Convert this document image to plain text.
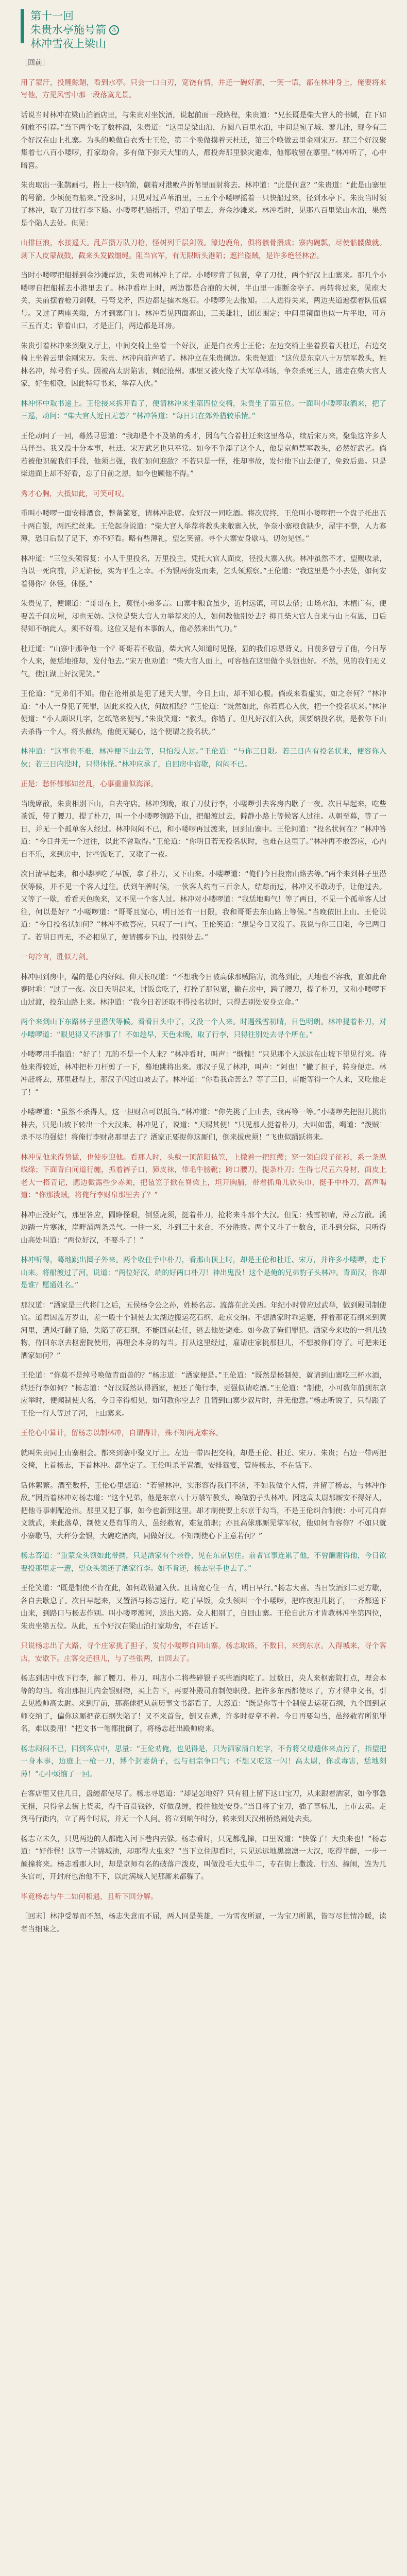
第十一回
朱贵水亭施号箭	⚓
林冲雪夜上梁山

［回前］

用了蒙汗，投鲤鲸鲳，看到水亭。只会一口白刃，宽饶有情，并还一碗好酒，一笑一语，都在林冲身上，俺要将来写他，方见风雪中那一段落寞光景。

话说当时林冲在梁山泊酒店里，与朱贵对坐饮酒，说起前面一段路程，朱贵道：“兄长既是柴大官人的书缄，在下如何敢不引荐。”当下两个吃了数杯酒，朱贵道：“这里是梁山泊，方圆八百里水泊，中间是宛子城、蓼儿洼，现今有三个好汉在山上扎寨。为头的唤做白衣秀士王伦，第二个唤做摸着天杜迁，第三个唤做云里金刚宋万。那三个好汉聚集着七八百小喽啰，打家劫舍。多有做下弥天大罪的人，都投奔那里躲灾避难，他都收留在寨里。”林冲听了，心中暗喜。

朱贵取出一张鹊画弓，搭上一枝响箭，觑着对港败芦折苇里面射将去。林冲道：“此是何意？”朱贵道：“此是山寨里的号箭。少顷便有船来。”没多时，只见对过芦苇泊里，三五个小喽啰摇着一只快船过来，径到水亭下。朱贵当时领了林冲，取了刀仗行李下船。小喽啰把船摇开，望泊子里去，奔金沙滩来。林冲看时，见那八百里梁山水泊，果然是个陷人去处。但见：

山排巨浪，水接遥天。乱芦攒万队刀枪，怪树列千层剑戟。濠边鹿角，俱将骸骨攒成；寨内碗瓢，尽使骷髅做就。剥下人皮蒙战鼓，截来头发做缰绳。阻当官军，有无限断头港陌；遮拦盗贼，是许多绝径林峦。

当时小喽啰把船摇到金沙滩岸边，朱贵同林冲上了岸。小喽啰背了包裹，拿了刀仗，两个好汉上山寨来。那几个小喽啰自把船摇去小港里去了。林冲看岸上时，两边都是合抱的大树，半山里一座断金亭子。再转将过来，见座大关，关前摆着枪刀剑戟，弓弩戈矛，四边都是擂木炮石。小喽啰先去报知。二人进得关来，两边夹道遍摆着队伍旗号。又过了两座关隘，方才到寨门口。林冲看见四面高山，三关雄壮，团团围定；中间里镜面也似一片平地，可方三五百丈；靠着山口，才是正门，两边都是耳房。

朱贵引着林冲来到聚义厅上，中间交椅上坐着一个好汉，正是白衣秀士王伦；左边交椅上坐着摸着天杜迁，右边交椅上坐着云里金刚宋万。朱贵、林冲向前声喏了。林冲立在朱贵侧边。朱贵便道：“这位是东京八十万禁军教头，姓林名冲，绰号豹子头。因被高太尉陷害，刺配沧州。那里又被火烧了大军草料场，争奈杀死三人，逃走在柴大官人家，好生相敬，因此特写书来，举荐入伙。”

林冲怀中取书递上。王伦接来拆开看了，便请林冲来坐第四位交椅，朱贵坐了第五位。一面叫小喽啰取酒来，把了三巡，动问：“柴大官人近日无恙？”林冲答道：“每日只在郊外猎较乐情。”

王伦动问了一回，蓦然寻思道：“我却是个不及第的秀才，因鸟气合着杜迁来这里落草，续后宋万来，聚集这许多人马伴当。我又没十分本事，杜迁、宋万武艺也只平常。如今不争添了这个人，他是京师禁军教头，必然好武艺。倘若被他识破我们手段，他须占强，我们如何迎敌？不若只是一怪，推却事故，发付他下山去便了，免致后患。只是柴进面上却不好看，忘了日前之恩，如今也顾他不得。”

秀才心胸，大抵如此，可笑可叹。

重叫小喽啰一面安排酒食，整备筵宴，请林冲赴席。众好汉一同吃酒。将次席终，王伦叫小喽啰把一个盘子托出五十两白银，两匹纻丝来。王伦起身说道：“柴大官人举荐将教头来敝寨入伙，争奈小寨粮食缺少，屋宇不整，人力寡薄，恐日后误了足下，亦不好看。略有些薄礼，望乞笑留。寻个大寨安身歇马，切勿见怪。”

林冲道：“三位头领容复：小人千里投名，万里投主，凭托大官人面皮，径投大寨入伙。林冲虽然不才，望赐收录，当以一死向前，并无谄佞，实为平生之幸。不为银两赍发而来，乞头领照察。”王伦道：“我这里是个小去处，如何安着得你？休怪，休怪。”

朱贵见了，便谏道：“哥哥在上，莫怪小弟多言。山寨中粮食虽少，近村远镇，可以去借；山场水泊，木植广有，便要盖千间房屋，却也无妨。这位是柴大官人力举荐来的人，如何教他别处去？抑且柴大官人自来与山上有恩，日后得知不纳此人，须不好看。这位又是有本事的人，他必然来出气力。”

杜迁道：“山寨中那争他一个？哥哥若不收留，柴大官人知道时见怪，显的我们忘恩背义。日前多曾亏了他，今日荐个人来，便恁地推却，发付他去。”宋万也劝道：“柴大官人面上，可容他在这里做个头领也好。不然，见的我们无义气，使江湖上好汉见笑。”

王伦道：“兄弟们不知。他在沧州虽是犯了迷天大罪，今日上山，却不知心腹。倘或来看虚实，如之奈何？”林冲道：“小人一身犯了死罪，因此来投入伙，何故相疑？”王伦道：“既然如此，你若真心入伙，把一个投名状来。”林冲便道：“小人颇识几字，乞纸笔来便写。”朱贵笑道：“教头，你错了。但凡好汉们入伙，须要纳投名状，是教你下山去杀得一个人，将头献纳，他便无疑心，这个便谓之投名状。”

林冲道：“这事也不难，林冲便下山去等，只怕没人过。”王伦道：“与你三日限。若三日内有投名状来，便容你入伙；若三日内没时，只得休怪。”林冲应承了，自回房中宿歇，闷闷不已。

正是：愁怀郁郁如丝乱，心事重重似海深。

当晚席散，朱贵相别下山，自去守店。林冲到晚，取了刀仗行李，小喽啰引去客房内歇了一夜。次日早起来，吃些茶饭，带了腰刀，提了朴刀，叫一个小喽啰领路下山，把船渡过去，僻静小路上等候客人过往。从朝至暮，等了一日，并无一个孤单客人经过。林冲闷闷不已，和小喽啰再过渡来，回到山寨中。王伦问道：“投名状何在？”林冲答道：“今日并无一个过往，以此不曾取得。”王伦道：“你明日若无投名状时，也难在这里了。”林冲再不敢答应，心内自不乐，来到房中，讨些饭吃了，又歇了一夜。

次日清早起来，和小喽啰吃了早饭，拿了朴刀，又下山来。小喽啰道：“俺们今日投南山路去等。”两个来到林子里潜伏等候，并不见一个客人过往。伏到午牌时候，一伙客人约有三百余人，结踪而过，林冲又不敢动手，让他过去。又等了一歇，看看天色晚来，又不见一个客人过。林冲对小喽啰道：“我恁地晦气！等了两日，不见一个孤单客人过往，何以是好？”小喽啰道：“哥哥且宽心，明日还有一日限，我和哥哥去东山路上等候。”当晚依旧上山。王伦说道：“今日投名状如何？”林冲不敢答应，只叹了一口气。王伦笑道：“想是今日又没了。我说与你三日限，今已两日了。若明日再无，不必相见了，便请挪步下山，投别处去。”

一句冷言，胜似刀剑。

林冲回到房中，端的是心内好闷。仰天长叹道：“不想我今日被高俅那贼陷害，流落到此，天地也不容我，直如此命蹇时乖！”过了一夜。次日天明起来，讨饭食吃了，打拴了那包裹，撇在房中，跨了腰刀，提了朴刀，又和小喽啰下山过渡，投东山路上来。林冲道：“我今日若还取不得投名状时，只得去别处安身立命。”

两个来到山下东路林子里潜伏等候。看看日头中了，又没一个人来。时遇残雪初晴，日色明朗。林冲提着朴刀，对小喽啰道：“眼见得又不济事了！不如趁早，天色未晚，取了行李，只得往别处去寻个所在。”

小喽啰用手指道：“好了！兀的不是一个人来？”林冲看时，叫声：“惭愧！”只见那个人远远在山坡下望见行来。待他来得较近，林冲把朴刀杆剪了一下，蓦地跳将出来。那汉子见了林冲，叫声：“阿也！”撇了担子，转身便走。林冲赶将去，那里赶得上，那汉子闪过山坡去了。林冲道：“你看我命苦么？等了三日，甫能等得一个人来，又吃他走了！”

小喽啰道：“虽然不杀得人，这一担财帛可以抵当。”林冲道：“你先挑了上山去，我再等一等。”小喽啰先把担儿挑出林去，只见山坡下转出一个大汉来。林冲见了，说道：“天赐其便！”只见那人挺着朴刀，大叫如雷，喝道：“泼贼！杀不尽的强徒！将俺行李财帛那里去了？洒家正要捉你这厮们，倒来拔虎须！”飞也似踊跃将来。

林冲见他来得势猛，也使步迎他。看那人时，头戴一顶范阳毡笠，上撒着一把红缨；穿一领白段子征衫，系一条纵线绦；下面青白间道行缠，抓着裤子口，獐皮袜，带毛牛膀靴；跨口腰刀，提条朴刀；生得七尺五六身材，面皮上老大一搭青记，腮边微露些少赤须，把毡笠子掀在脊梁上，坦开胸脯，带着抓角儿软头巾，挺手中朴刀，高声喝道：“你那泼贼，将俺行李财帛那里去了？”

林冲正没好气，那里答应，圆睁怪眼，倒竖虎须，挺着朴刀，抢将来斗那个大汉。但见：残雪初晴，薄云方散。溪边踏一片寒冰，岸畔涌两条杀气。一往一来，斗到三十来合，不分胜败。两个又斗了十数合，正斗到分际，只听得山高处叫道：“两位好汉，不要斗了！”

林冲听得，蓦地跳出圈子外来。两个收住手中朴刀，看那山顶上时，却是王伦和杜迁、宋万，并许多小喽啰，走下山来。将船渡过了河，说道：“两位好汉，端的好两口朴刀！神出鬼没！这个是俺的兄弟豹子头林冲。青面汉，你却是谁？愿通姓名。”

那汉道：“洒家是三代将门之后，五侯杨令公之孙，姓杨名志。流落在此关西。年纪小时曾应过武举，做到殿司制使官。道君因盖万岁山，差一般十个制使去太湖边搬运花石纲，赴京交纳。不想洒家时乖运蹇，押着那花石纲来到黄河里，遭风打翻了船，失陷了花石纲，不能回京赴任，逃去他处避难。如今赦了俺们罪犯。洒家今来收的一担儿钱物，待回东京去枢密院使用，再理会本身的勾当。打从这里经过，雇请庄家挑那担儿，不想被你们夺了。可把来还洒家如何？”

王伦道：“你莫不是绰号唤做青面兽的？”杨志道：“洒家便是。”王伦道：“既然是杨制使，就请到山寨吃三杯水酒，纳还行李如何？”杨志道：“好汉既然认得洒家，便还了俺行李，更强似请吃酒。”王伦道：“制使，小可数年前到东京应举时，便闻制使大名，今日幸得相见，如何教你空去？且请到山寨少叙片时，并无他意。”杨志听说了，只得跟了王伦一行人等过了河，上山寨来。

王伦心中算计，留杨志以制林冲，自谓得计，殊不知两虎难容。

就叫朱贵同上山寨相会。都来到寨中聚义厅上。左边一带四把交椅，却是王伦、杜迁、宋万、朱贵；右边一带两把交椅，上首杨志，下首林冲。都坐定了。王伦叫杀羊置酒，安排筵宴，管待杨志，不在话下。

话休絮繁。酒至数杯，王伦心里想道：“若留林冲，实形容得我们不济，不如我做个人情，并留了杨志，与林冲作敌。”因指着林冲对杨志道：“这个兄弟，他是东京八十万禁军教头，唤做豹子头林冲。因这高太尉那厮安不得好人，把他寻事刺配沧州。那里又犯了事，如今也新到这里。却才制使要上东京干勾当，不是王伦纠合制使：小可兀自弃文就武，来此落草，制使又是有罪的人，虽经赦宥，难复前职；亦且高俅那厮见掌军权，他如何肯容你？不如只就小寨歇马，大秤分金银，大碗吃酒肉，同做好汉。不知制使心下主意若何？”

杨志答道：“重蒙众头领如此带携，只是洒家有个亲眷，见在东京居住。前者官事连累了他，不曾酬谢得他，今日欲要投那里走一遭，望众头领还了洒家行李。如不肯还，杨志空手也去了。”

王伦笑道：“既是制使不肯在此，如何敢勒逼入伙。且请宽心住一宵，明日早行。”杨志大喜。当日饮酒到二更方歇，各自去歇息了。次日早起来，又置酒与杨志送行。吃了早饭，众头领叫一个小喽啰，把昨夜担儿挑了，一齐都送下山来，到路口与杨志作别。叫小喽啰渡河，送出大路。众人相别了，自回山寨。王伦自此方才肯教林冲坐第四位，朱贵坐第五位。从此，五个好汉在梁山泊打家劫舍，不在话下。

只说杨志出了大路，寻个庄家挑了担子，发付小喽啰自回山寨。杨志取路，不数日，来到东京。入得城来，寻个客店，安歇下。庄客交还担儿，与了些银两，自回去了。

杨志到店中放下行李，解了腰刀、朴刀，叫店小二将些碎银子买些酒肉吃了。过数日，央人来枢密院打点，理会本等的勾当。将出那担儿内金银财物，买上告下，再要补殿司府制使职役。把许多东西都使尽了，方才得申文书，引去见殿帅高太尉。来到厅前，那高俅把从前历事文书都看了，大怒道：“既是你等十个制使去运花石纲，九个回到京师交纳了，偏你这厮把花石纲失陷了！又不来首告，倒又在逃，许多时捉拿不着。今日再要勾当，虽经赦宥所犯罪名，难以委用！”把文书一笔都批倒了，将杨志赶出殿帅府来。

杨志闷闷不已，回到客店中，思量：“王伦劝俺，也见得是，只为洒家清白姓字，不肯将父母遗体来点污了，指望把一身本事，边庭上一枪一刀，博个封妻荫子，也与祖宗争口气；不想又吃这一闪！高太尉，你忒毒害，恁地刻薄！”心中烦恼了一回。

在客店里又住几日，盘缠都使尽了。杨志寻思道：“却是怎地好？只有祖上留下这口宝刀，从来跟着洒家，如今事急无措，只得拿去街上货卖，得千百贯钱钞，好做盘缠，投往他处安身。”当日将了宝刀，插了草标儿，上市去卖。走到马行街内，立了两个时辰，并无一个人问。将立到晌午时分，转来到天汉州桥热闹处去卖。

杨志立未久，只见两边的人都跑入河下巷内去躲。杨志看时，只见都乱撺，口里说道：“快躲了！大虫来也！”杨志道：“好作怪！这等一片锦城池，却那得大虫来？”当下立住脚看时，只见远远地黑凛凛一大汉，吃得半醉，一步一颠撞将来。杨志看那人时，却是京师有名的破落户泼皮，叫做没毛大虫牛二，专在街上撒泼、行凶、撞闹，连为几头官司，开封府也治他不下，以此满城人见那厮来都躲了。

毕竟杨志与牛二如何相遇，且听下回分解。

［回末］林冲受辱而不怒，杨志失意而不屈，两人同是英雄，一为雪夜所逼，一为宝刀所累，皆写尽世情冷暖，读者当细味之。
